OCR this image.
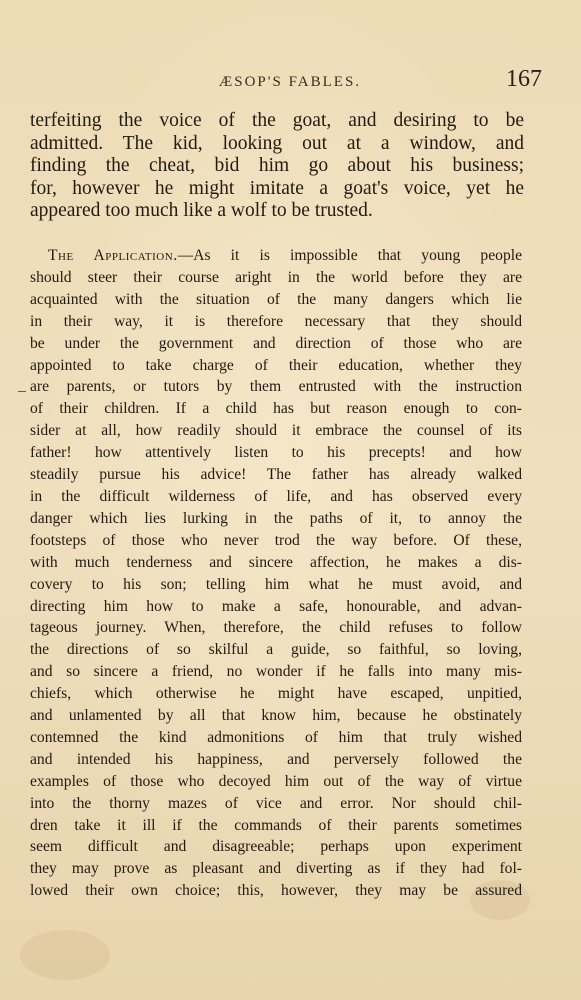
ÆSOP'S FABLES.	167
terfeiting the voice of the goat, and desiring to be
admitted. The kid, looking out at a window, and
finding the cheat, bid him go about his business;
for, however he might imitate a goat's voice, yet he
appeared too much like a wolf to be trusted.
The Application.—As it is impossible that young people
should steer their course aright in the world before they are
acquainted with the situation of the many dangers which lie
in their way, it is therefore necessary that they should
be under the government and direction of those who are
appointed to take charge of their education, whether they
are parents, or tutors by them entrusted with the instruction
of their children. If a child has but reason enough to con-
sider at all, how readily should it embrace the counsel of its
father! how attentively listen to his precepts! and how
steadily pursue his advice! The father has already walked
in the difficult wilderness of life, and has observed every
danger which lies lurking in the paths of it, to annoy the
footsteps of those who never trod the way before. Of these,
with much tenderness and sincere affection, he makes a dis-
covery to his son; telling him what he must avoid, and
directing him how to make a safe, honourable, and advan-
tageous journey. When, therefore, the child refuses to follow
the directions of so skilful a guide, so faithful, so loving,
and so sincere a friend, no wonder if he falls into many mis-
chiefs, which otherwise he might have escaped, unpitied,
and unlamented by all that know him, because he obstinately
contemned the kind admonitions of him that truly wished
and intended his happiness, and perversely followed the
examples of those who decoyed him out of the way of virtue
into the thorny mazes of vice and error. Nor should chil-
dren take it ill if the commands of their parents sometimes
seem difficult and disagreeable; perhaps upon experiment
they may prove as pleasant and diverting as if they had fol-
lowed their own choice; this, however, they may be assured
